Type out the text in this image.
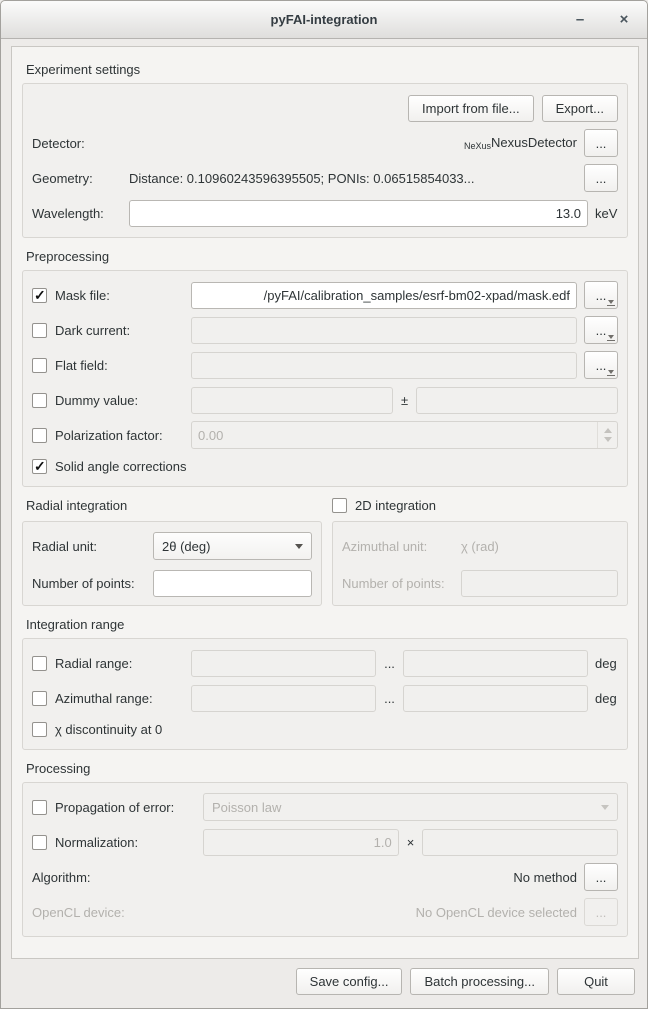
pyFAI-integration	–	×
Experiment settings
Import from file...	Export...
Detector:	NeXusNexusDetector	...
Geometry:	Distance: 0.10960243596395505; PONIs: 0.06515854033...	...
Wavelength:
13.0	keV
Preprocessing
✓
Mask file:
/pyFAI/calibration_samples/esrf-bm02-xpad/mask.edf	...
Dark current:	...
Flat field:	...
Dummy value:	±
Polarization factor:	0.00
✓
Solid angle corrections
Radial integration
Radial unit:	2θ (deg)
Number of points:
2D integration
Azimuthal unit:	χ (rad)
Number of points:
Integration range
Radial range:	...	deg
Azimuthal range:	...	deg
χ discontinuity at 0
Processing
Propagation of error:	Poisson law
Normalization:
1.0	×
Algorithm:	No method	...
OpenCL device:	No OpenCL device selected	...
Save config...	Batch processing...	Quit
